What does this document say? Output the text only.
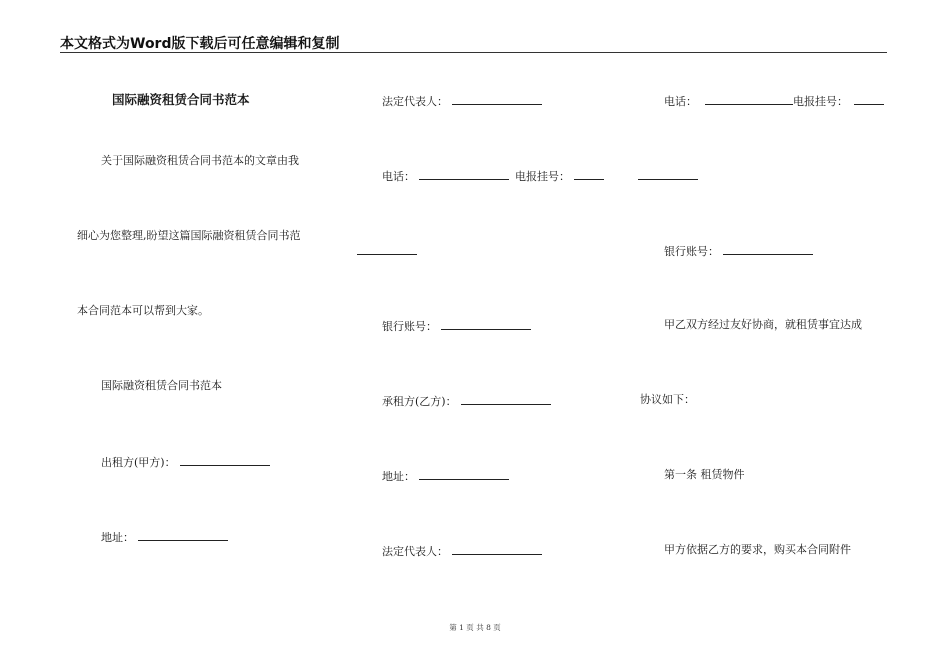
本文格式为Word版下载后可任意编辑和复制
国际融资租赁合同书范本
关于国际融资租赁合同书范本的文章由我
细心为您整理,盼望这篇国际融资租赁合同书范
本合同范本可以帮到大家。
国际融资租赁合同书范本
出租方(甲方)：
地址：
法定代表人：
电话：	电报挂号：
银行账号：
承租方(乙方)：
地址：
法定代表人：
电话：	电报挂号：
银行账号：
甲乙双方经过友好协商，就租赁事宜达成
协议如下：
第一条 租赁物件
甲方依据乙方的要求，购买本合同附件
第 1 页 共 8 页
